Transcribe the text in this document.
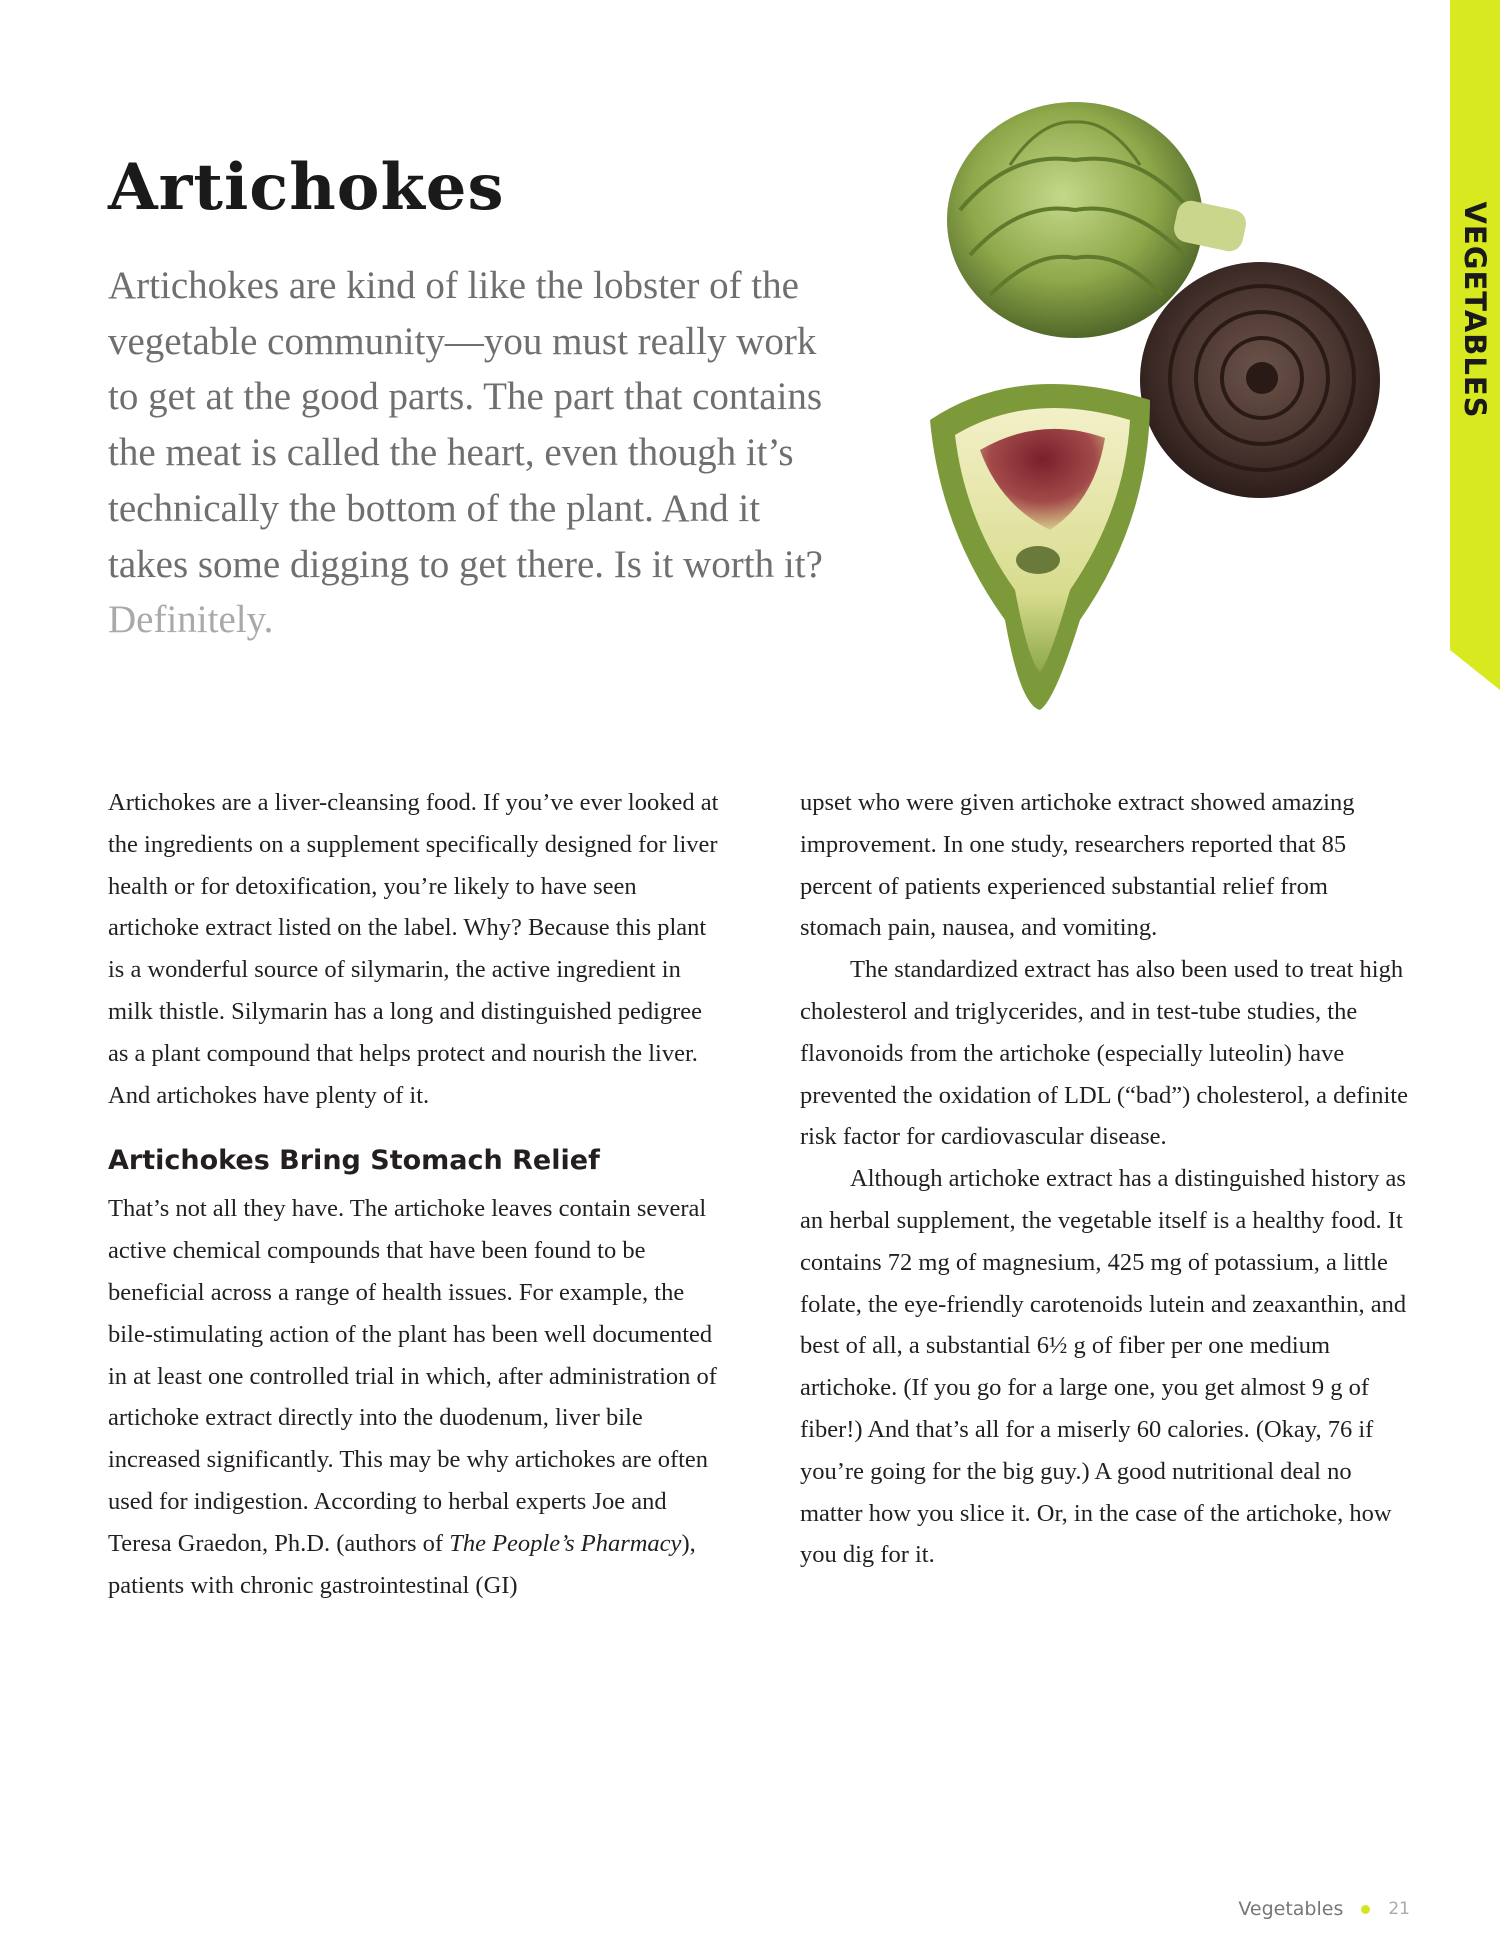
Artichokes

Artichokes are kind of like the lobster of the vegetable community—you must really work to get at the good parts. The part that contains the meat is called the heart, even though it’s technically the bottom of the plant. And it takes some digging to get there. Is it worth it? Definitely.

VEGETABLES

Artichokes are a liver-cleansing food. If you’ve ever looked at the ingredients on a supplement specifically designed for liver health or for detoxification, you’re likely to have seen artichoke extract listed on the label. Why? Because this plant is a wonderful source of silymarin, the active ingredient in milk thistle. Silymarin has a long and distinguished pedigree as a plant compound that helps protect and nourish the liver. And artichokes have plenty of it.

Artichokes Bring Stomach Relief

That’s not all they have. The artichoke leaves contain several active chemical compounds that have been found to be beneficial across a range of health issues. For example, the bile-stimulating action of the plant has been well documented in at least one controlled trial in which, after administration of artichoke extract directly into the duodenum, liver bile increased significantly. This may be why artichokes are often used for indigestion. According to herbal experts Joe and Teresa Graedon, Ph.D. (authors of The People’s Pharmacy), patients with chronic gastrointestinal (GI)

upset who were given artichoke extract showed amazing improvement. In one study, researchers reported that 85 percent of patients experienced substantial relief from stomach pain, nausea, and vomiting.

The standardized extract has also been used to treat high cholesterol and triglycerides, and in test-tube studies, the flavonoids from the artichoke (especially luteolin) have prevented the oxidation of LDL (“bad”) cholesterol, a definite risk factor for cardiovascular disease.

Although artichoke extract has a distinguished history as an herbal supplement, the vegetable itself is a healthy food. It contains 72 mg of magnesium, 425 mg of potassium, a little folate, the eye-friendly carotenoids lutein and zeaxanthin, and best of all, a substantial 6½ g of fiber per one medium artichoke. (If you go for a large one, you get almost 9 g of fiber!) And that’s all for a miserly 60 calories. (Okay, 76 if you’re going for the big guy.) A good nutritional deal no matter how you slice it. Or, in the case of the artichoke, how you dig for it.

Vegetables	21
